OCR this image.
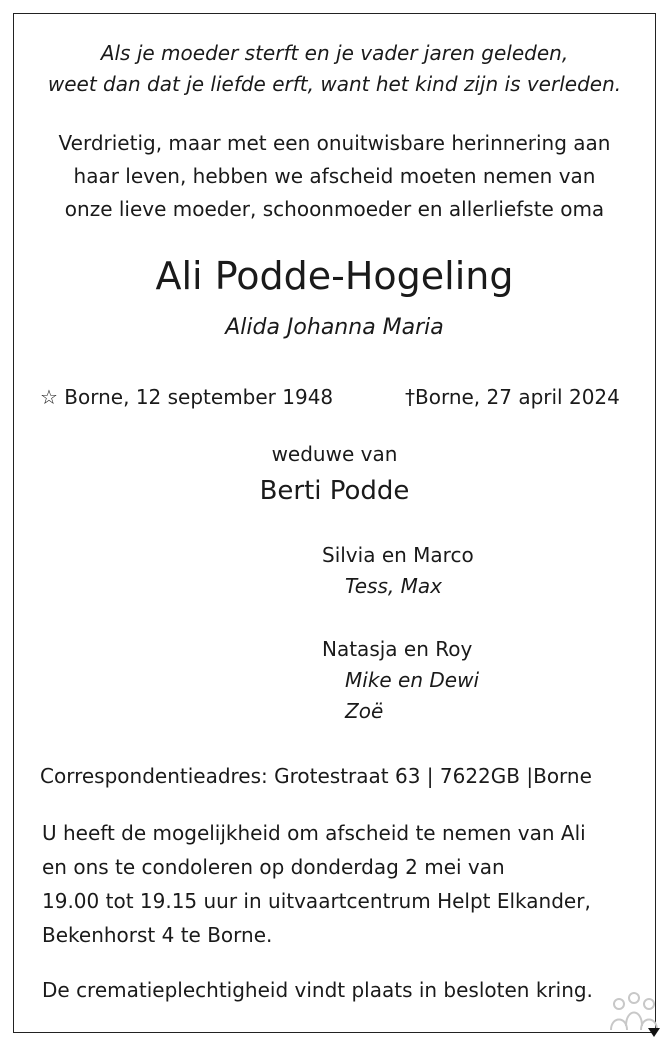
Als je moeder sterft en je vader jaren geleden,
weet dan dat je liefde erft, want het kind zijn is verleden.
Verdrietig, maar met een onuitwisbare herinnering aan
haar leven, hebben we afscheid moeten nemen van
onze lieve moeder, schoonmoeder en allerliefste oma
Ali Podde-Hogeling
Alida Johanna Maria
☆ Borne, 12 september 1948	†Borne, 27 april 2024
weduwe van
Berti Podde
Silvia en Marco
Tess, Max
Natasja en Roy
Mike en Dewi
Zoë
Correspondentieadres: Grotestraat 63 | 7622GB |Borne
U heeft de mogelijkheid om afscheid te nemen van Ali
en ons te condoleren op donderdag 2 mei van
19.00 tot 19.15 uur in uitvaartcentrum Helpt Elkander,
Bekenhorst 4 te Borne.
De crematieplechtigheid vindt plaats in besloten kring.
